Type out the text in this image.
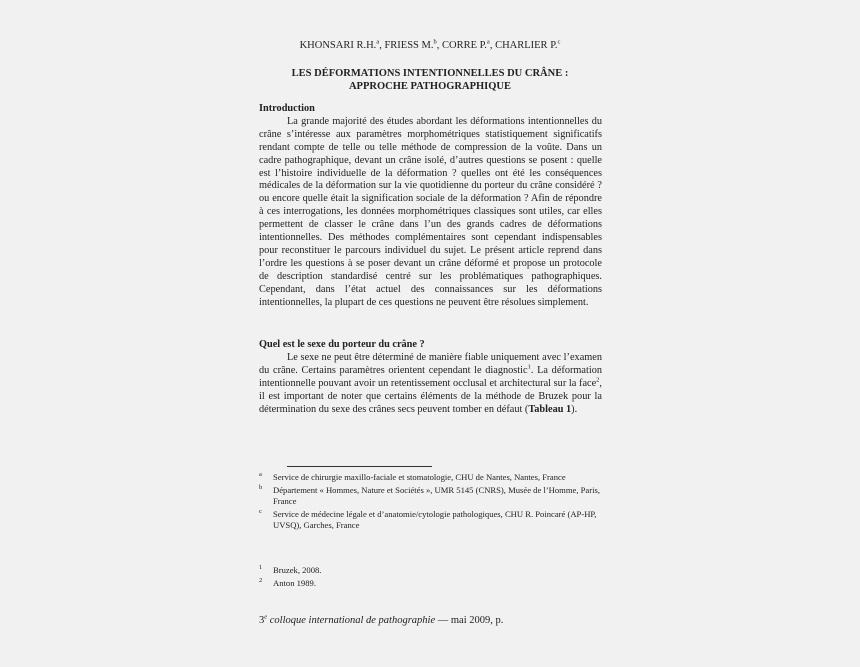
KHONSARI R.H.$^a$, FRIESS M.$^b$, CORRE P.$^a$, CHARLIER P.$^c$
LES DÉFORMATIONS INTENTIONNELLES DU CRÂNE :
APPROCHE PATHOGRAPHIQUE
Introduction

La grande majorité des études abordant les déformations intentionnelles du crâne s’intéresse aux paramètres morphométriques statistiquement significatifs rendant compte de telle ou telle méthode de compression de la voûte. Dans un cadre pathographique, devant un crâne isolé, d’autres questions se posent : quelle est l’histoire individuelle de la déformation ? quelles ont été les conséquences médicales de la déformation sur la vie quotidienne du porteur du crâne considéré ? ou encore quelle était la signification sociale de la déformation ? Afin de répondre à ces interrogations, les données morphométriques classiques sont utiles, car elles permettent de classer le crâne dans l’un des grands cadres de déformations intentionnelles. Des méthodes complémentaires sont cependant indispensables pour reconstituer le parcours individuel du sujet. Le présent article reprend dans l’ordre les questions à se poser devant un crâne déformé et propose un protocole de description standardisé centré sur les problématiques pathographiques. Cependant, dans l’état actuel des connaissances sur les déformations intentionnelles, la plupart de ces questions ne peuvent être résolues simplement.

Quel est le sexe du porteur du crâne ?

Le sexe ne peut être déterminé de manière fiable uniquement avec l’examen du crâne. Certains paramètres orientent cependant le diagnostic$^1$. La déformation intentionnelle pouvant avoir un retentissement occlusal et architectural sur la face$^2$, il est important de noter que certains éléments de la méthode de Bruzek pour la détermination du sexe des crânes secs peuvent tomber en défaut (Tableau 1).

a Service de chirurgie maxillo-faciale et stomatologie, CHU de Nantes, Nantes, France
b Département « Hommes, Nature et Sociétés », UMR 5145 (CNRS), Musée de l’Homme, Paris, France
c Service de médecine légale et d’anatomie/cytologie pathologiques, CHU R. Poincaré (AP-HP, UVSQ), Garches, France
1 Bruzek, 2008.
2 Anton 1989.
3e colloque international de pathographie — mai 2009, p.
